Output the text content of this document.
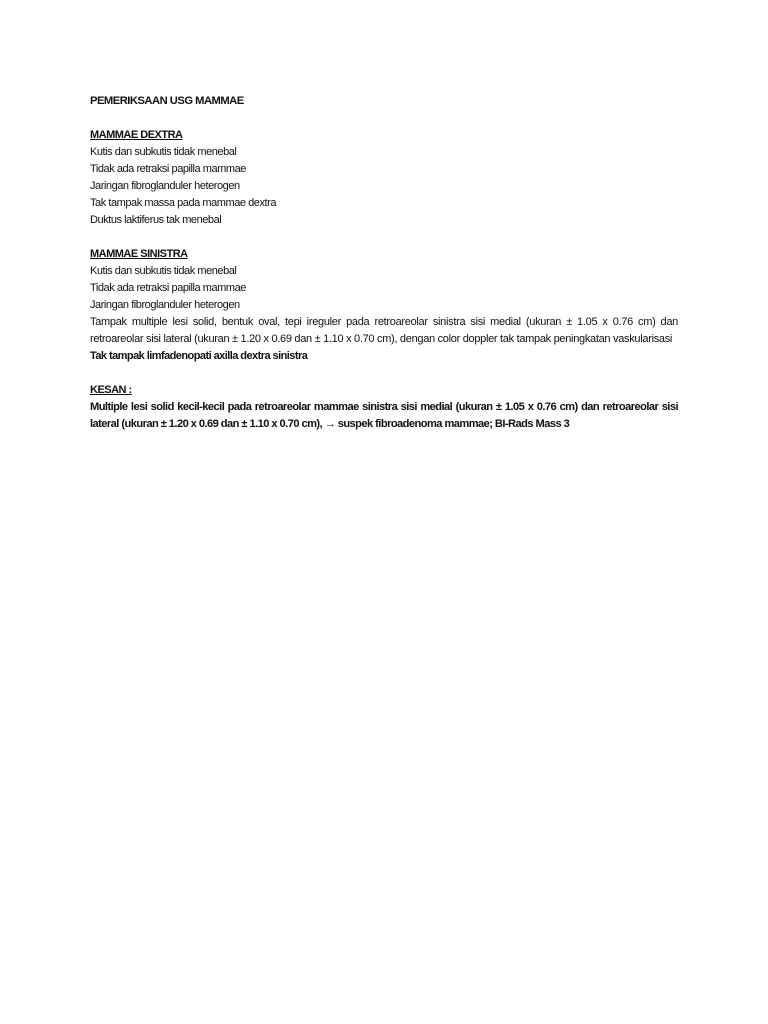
PEMERIKSAAN USG MAMMAE

MAMMAE DEXTRA

Kutis dan subkutis tidak menebal

Tidak ada retraksi papilla mammae

Jaringan fibroglanduler heterogen

Tak tampak massa pada mammae dextra

Duktus laktiferus tak menebal

MAMMAE SINISTRA

Kutis dan subkutis tidak menebal

Tidak ada retraksi papilla mammae

Jaringan fibroglanduler heterogen

Tampak multiple lesi solid, bentuk oval, tepi ireguler pada retroareolar sinistra sisi medial (ukuran ± 1.05 x 0.76 cm) dan retroareolar sisi lateral (ukuran ± 1.20 x 0.69 dan ± 1.10 x 0.70 cm), dengan color doppler tak tampak peningkatan vaskularisasi

Tak tampak limfadenopati axilla dextra sinistra

KESAN :

Multiple lesi solid kecil-kecil pada retroareolar mammae sinistra sisi medial (ukuran ± 1.05 x 0.76 cm) dan retroareolar sisi lateral (ukuran ± 1.20 x 0.69 dan ± 1.10 x 0.70 cm), → suspek fibroadenoma mammae; BI-Rads Mass 3
